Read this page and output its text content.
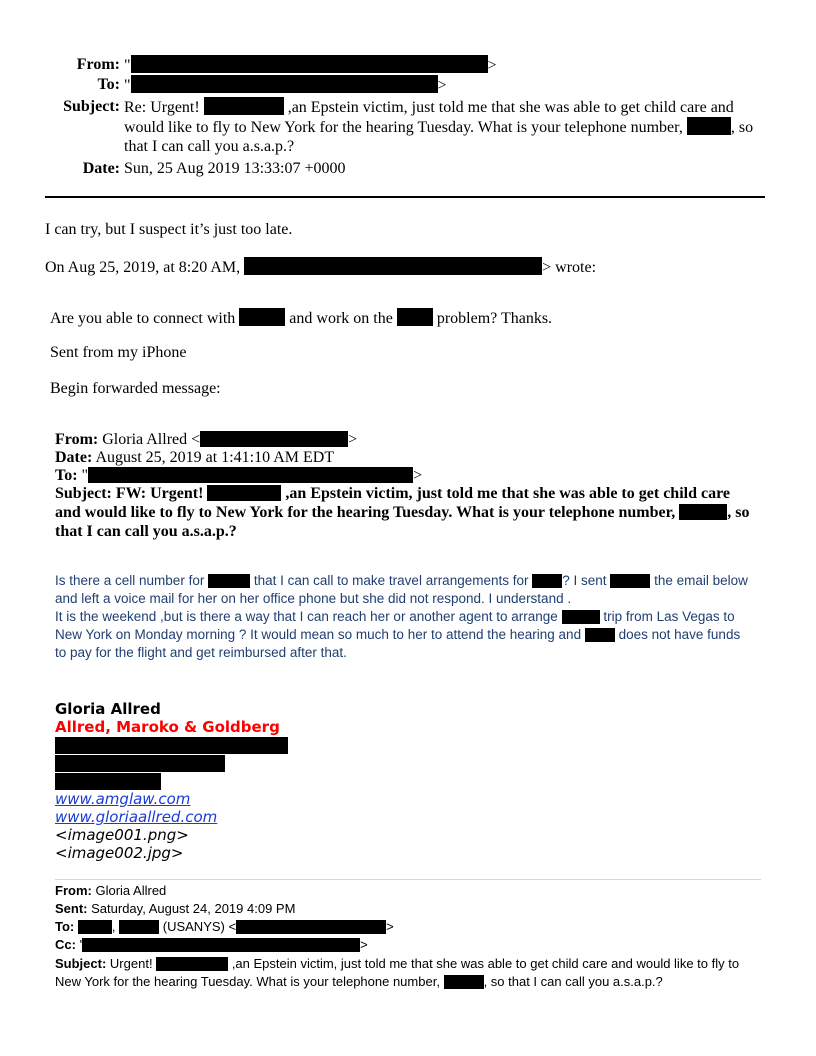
From: "	>
To: "	>
Subject: Re: Urgent!	,an Epstein victim, just told me that she was able to get child care and
would like to fly to New York for the hearing Tuesday. What is your telephone number,	, so
that I can call you a.s.a.p.?
Date: Sun, 25 Aug 2019 13:33:07 +0000
I can try, but I suspect it’s just too late.
On Aug 25, 2019, at 8:20 AM,	> wrote:
Are you able to connect with	and work on the	problem? Thanks.
Sent from my iPhone
Begin forwarded message:
From: Gloria Allred <	>
Date: August 25, 2019 at 1:41:10 AM EDT
To: "	>
Subject: FW: Urgent!	,an Epstein victim, just told me that she was able to get child care
and would like to fly to New York for the hearing Tuesday. What is your telephone number,	, so
that I can call you a.s.a.p.?
Is there a cell number for	that I can call to make travel arrangements for	? I sent	the email below
and left a voice mail for her on her office phone but she did not respond. I understand .
It is the weekend ,but is there a way that I can reach her or another agent to arrange	trip from Las Vegas to
New York on Monday morning ? It would mean so much to her to attend the hearing and	does not have funds
to pay for the flight and get reimbursed after that.
Gloria Allred
Allred, Maroko & Goldberg
www.amglaw.com
www.gloriaallred.com
<image001.png>
<image002.jpg>
From: Gloria Allred
Sent: Saturday, August 24, 2019 4:09 PM
To:	,	(USANYS) <	>
Cc: '	>
Subject: Urgent!	,an Epstein victim, just told me that she was able to get child care and would like to fly to
New York for the hearing Tuesday. What is your telephone number,	, so that I can call you a.s.a.p.?
